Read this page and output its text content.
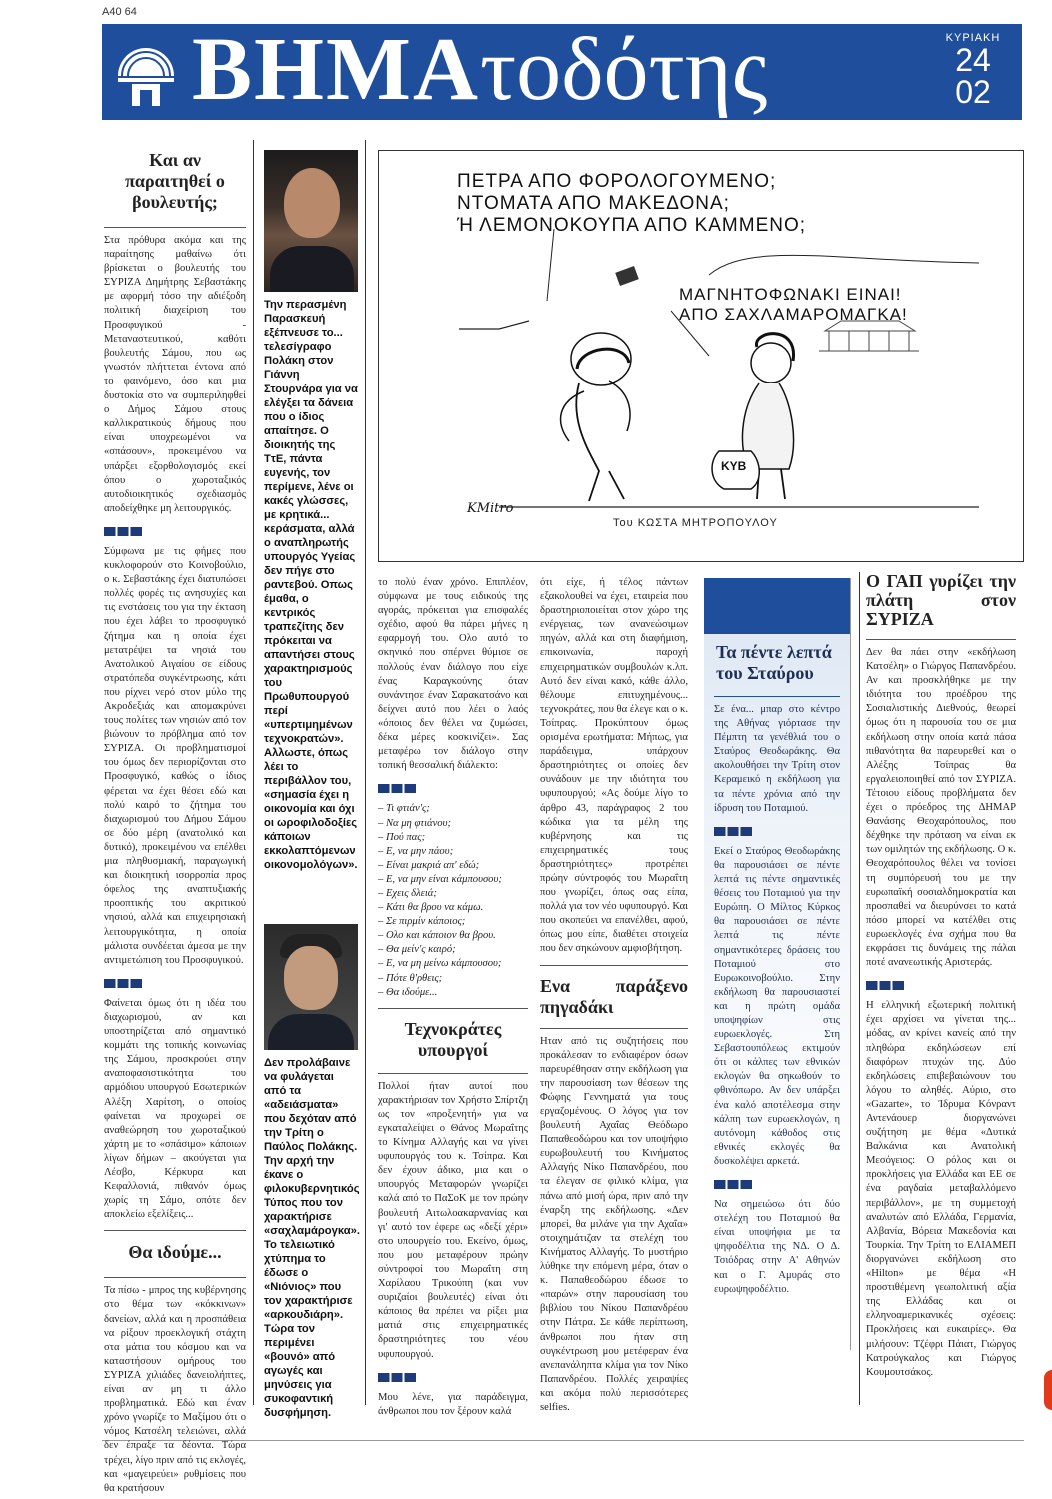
A40 64
ΒΗΜΑτοδότης	ΚΥΡΙΑΚΗ
24
02
Και αν παραιτηθεί ο βουλευτής;

Στα πρόθυρα ακόμα και της παραίτησης μαθαίνω ότι βρίσκεται ο βουλευτής του ΣΥΡΙΖΑ Δημήτρης Σεβαστάκης με αφορμή τόσο την αδιέξοδη πολιτική διαχείριση του Προσφυγικού - Μεταναστευτικού, καθότι βουλευτής Σάμου, που ως γνωστόν πλήττεται έντονα από το φαινόμενο, όσο και μια δυστοκία στο να συμπεριληφθεί ο Δήμος Σάμου στους καλλικρατικούς δήμους που είναι υποχρεωμένοι να «σπάσουν», προκειμένου να υπάρξει εξορθολογισμός εκεί όπου ο χωροταξικός αυτοδιοικητικός σχεδιασμός αποδείχθηκε μη λειτουργικός.

Σύμφωνα με τις φήμες που κυκλοφορούν στο Κοινοβούλιο, ο κ. Σεβαστάκης έχει διατυπώσει πολλές φορές τις ανησυχίες και τις ενστάσεις του για την έκταση που έχει λάβει το προσφυγικό ζήτημα και η οποία έχει μετατρέψει τα νησιά του Ανατολικού Αιγαίου σε είδους στρατόπεδα συγκέντρωσης, κάτι που ρίχνει νερό στον μύλο της Ακροδεξιάς και απομακρύνει τους πολίτες των νησιών από τον βιώνουν το πρόβλημα από τον ΣΥΡΙΖΑ. Οι προβληματισμοί του όμως δεν περιορίζονται στο Προσφυγικό, καθώς ο ίδιος φέρεται να έχει θέσει εδώ και πολύ καιρό το ζήτημα του διαχωρισμού του Δήμου Σάμου σε δύο μέρη (ανατολικό και δυτικό), προκειμένου να επέλθει μια πληθυσμιακή, παραγωγική και διοικητική ισορροπία προς όφελος της αναπτυξιακής προοπτικής του ακριτικού νησιού, αλλά και επιχειρησιακή λειτουργικότητα, η οποία μάλιστα συνδέεται άμεσα με την αντιμετώπιση του Προσφυγικού.

Φαίνεται όμως ότι η ιδέα του διαχωρισμού, αν και υποστηρίζεται από σημαντικό κομμάτι της τοπικής κοινωνίας της Σάμου, προσκρούει στην αναποφασιστικότητα του αρμόδιου υπουργού Εσωτερικών Αλέξη Χαρίτση, ο οποίος φαίνεται να προχωρεί σε αναθεώρηση του χωροταξικού χάρτη με το «σπάσιμο» κάποιων λίγων δήμων – ακούγεται για Λέσβο, Κέρκυρα και Κεφαλλονιά, πιθανόν όμως χωρίς τη Σάμο, οπότε δεν αποκλείω εξελίξεις...

Θα ιδούμε...

Τα πίσω - μπρος της κυβέρνησης στο θέμα των «κόκκινων» δανείων, αλλά και η προσπάθεια να ρίξουν προεκλογική στάχτη στα μάτια του κόσμου και να καταστήσουν ομήρους του ΣΥΡΙΖΑ χιλιάδες δανειολήπτες, είναι αν μη τι άλλο προβληματικά. Εδώ και έναν χρόνο γνωρίζε το Μαξίμου ότι ο νόμος Κατσέλη τελειώνει, αλλά δεν έπραξε τα δέοντα. Τώρα τρέχει, λίγο πριν από τις εκλογές, και «μαγειρεύει» ρυθμίσεις που θα κρατήσουν

Την περασμένη Παρασκευή εξέπνευσε το... τελεσίγραφο Πολάκη στον Γιάννη Στουρνάρα για να ελέγξει τα δάνεια που ο ίδιος απαίτησε. Ο διοικητής της ΤτΕ, πάντα ευγενής, τον περίμενε, λένε οι κακές γλώσσες, με κρητικά... κεράσματα, αλλά ο αναπληρωτής υπουργός Υγείας δεν πήγε στο ραντεβού. Οπως έμαθα, ο κεντρικός τραπεζίτης δεν πρόκειται να απαντήσει στους χαρακτηρισμούς του Πρωθυπουργού περί «υπερτιμημένων τεχνοκρατών». Αλλωστε, όπως λέει το περιβάλλον του, «σημασία έχει η οικονομία και όχι οι ωροφιλοδοξίες κάποιων εκκολαπτόμενων οικονομολόγων».
Δεν προλάβαινε να φυλάγεται από τα «αδειάσματα» που δεχόταν από την Τρίτη ο Παύλος Πολάκης. Την αρχή την έκανε ο φιλοκυβερνητικός Τύπος που τον χαρακτήρισε «σαχλαμάρογκα». Το τελειωτικό χτύπημα το έδωσε ο «Νιόνιος» που τον χαρακτήρισε «αρκουδιάρη». Τώρα τον περιμένει «βουνό» από αγωγές και μηνύσεις για συκοφαντική δυσφήμηση.
ΠΕΤΡΑ ΑΠΟ ΦΟΡΟΛΟΓΟΥΜΕΝΟ;
ΝΤΟΜΑΤΑ ΑΠΟ ΜΑΚΕΔΟΝΑ;
Ή ΛΕΜΟΝΟΚΟΥΠΑ ΑΠΟ ΚΑΜΜΕΝΟ;
ΜΑΓΝΗΤΟΦΩΝΑΚΙ ΕΙΝΑΙ!
ΑΠΟ ΣΑΧΛΑΜΑΡΟΜΑΓΚΑ!
ΚΥΒ
KMitro
Του ΚΩΣΤΑ ΜΗΤΡΟΠΟΥΛΟΥ

το πολύ έναν χρόνο. Επιπλέον, σύμφωνα με τους ειδικούς της αγοράς, πρόκειται για επισφαλές σχέδιο, αφού θα πάρει μήνες η εφαρμογή του. Ολο αυτό το σκηνικό που σπέρνει θύμισε σε πολλούς έναν διάλογο που είχε ένας Καραγκούνης όταν συνάντησε έναν Σαρακατσάνο και δείχνει αυτό που λέει ο λαός «όποιος δεν θέλει να ζυμώσει, δέκα μέρες κοσκινίζει». Σας μεταφέρω τον διάλογο στην τοπική θεσσαλική διάλεκτο:

– Τι φτιάν'ς;

– Να μη φτιάνου;

– Πού πας;

– Ε, να μην πάου;

– Είναι μακριά απ' εδώ;

– Ε, να μην είναι κάμπουσου;

– Εχεις δλειά;

– Κάτι θα βρου να κάμω.

– Σε πιρμίν κάποιος;

– Ολο και κάποιον θα βρου.

– Θα μείν'ς καιρό;

– Ε, να μη μείνω κάμπουσου;

– Πότε θ'ρθεις;

– Θα ιδούμε...

Τεχνοκράτες υπουργοί

Πολλοί ήταν αυτοί που χαρακτήρισαν τον Χρήστο Σπίρτζη ως τον «προξενητή» για να εγκαταλείψει ο Θάνος Μωραΐτης το Κίνημα Αλλαγής και να γίνει υφυπουργός του κ. Τσίπρα. Και δεν έχουν άδικο, μια και ο υπουργός Μεταφορών γνωρίζει καλά από το ΠαΣοΚ με τον πρώην βουλευτή Αιτωλοακαρνανίας και γι' αυτό τον έφερε ως «δεξί χέρι» στο υπουργείο του. Εκείνο, όμως, που μου μεταφέρουν πρώην σύντροφοί του Μωραΐτη στη Χαρίλαου Τρικούπη (και νυν συριζαίοι βουλευτές) είναι ότι κάποιος θα πρέπει να ρίξει μια ματιά στις επιχειρηματικές δραστηριότητες του νέου υφυπουργού.

Μου λένε, για παράδειγμα, άνθρωποι που τον ξέρουν καλά

ότι είχε, ή τέλος πάντων εξακολουθεί να έχει, εταιρεία που δραστηριοποιείται στον χώρο της ενέργειας, των ανανεώσιμων πηγών, αλλά και στη διαφήμιση, επικοινωνία, παροχή επιχειρηματικών συμβουλών κ.λπ. Αυτό δεν είναι κακό, κάθε άλλο, θέλουμε επιτυχημένους... τεχνοκράτες, που θα έλεγε και ο κ. Τσίπρας. Προκύπτουν όμως ορισμένα ερωτήματα: Μήπως, για παράδειγμα, υπάρχουν δραστηριότητες οι οποίες δεν συνάδουν με την ιδιότητα του υφυπουργού; «Ας δούμε λίγο το άρθρο 43, παράγραφος 2 του κώδικα για τα μέλη της κυβέρνησης και τις επιχειρηματικές τους δραστηριότητες» προτρέπει πρώην σύντροφός του Μωραΐτη που γνωρίζει, όπως σας είπα, πολλά για τον νέο υφυπουργό. Και που σκοπεύει να επανέλθει, αφού, όπως μου είπε, διαθέτει στοιχεία που δεν σηκώνουν αμφισβήτηση.

Ενα παράξενο πηγαδάκι

Ηταν από τις συζητήσεις που προκάλεσαν το ενδιαφέρον όσων παρευρέθησαν στην εκδήλωση για την παρουσίαση των θέσεων της Φώφης Γεννηματά για τους εργαζομένους. Ο λόγος για τον βουλευτή Αχαΐας Θεόδωρο Παπαθεοδώρου και τον υποψήφιο ευρωβουλευτή του Κινήματος Αλλαγής Νίκο Παπανδρέου, που τα έλεγαν σε φιλικό κλίμα, για πάνω από μισή ώρα, πριν από την έναρξη της εκδήλωσης. «Δεν μπορεί, θα μιλάνε για την Αχαΐα» στοιχημάτιζαν τα στελέχη του Κινήματος Αλλαγής. Το μυστήριο λύθηκε την επόμενη μέρα, όταν ο κ. Παπαθεοδώρου έδωσε το «παρών» στην παρουσίαση του βιβλίου του Νίκου Παπανδρέου στην Πάτρα. Σε κάθε περίπτωση, άνθρωποι που ήταν στη συγκέντρωση μου μετέφεραν ένα ανεπανάληπτα κλίμα για τον Νίκο Παπανδρέου. Πολλές χειραψίες και ακόμα πολύ περισσότερες selfies.

Τα πέντε λεπτά του Σταύρου

Σε ένα... μπαρ στο κέντρο της Αθήνας γιόρτασε την Πέμπτη τα γενέθλιά του ο Σταύρος Θεοδωράκης. Θα ακολουθήσει την Τρίτη στον Κεραμεικό η εκδήλωση για τα πέντε χρόνια από την ίδρυση του Ποταμιού.

Εκεί ο Σταύρος Θεοδωράκης θα παρουσιάσει σε πέντε λεπτά τις πέντε σημαντικές θέσεις του Ποταμιού για την Ευρώπη. Ο Μίλτος Κύρκος θα παρουσιάσει σε πέντε λεπτά τις πέντε σημαντικότερες δράσεις του Ποταμιού στο Ευρωκοινοβούλιο. Στην εκδήλωση θα παρουσιαστεί και η πρώτη ομάδα υποψηφίων στις ευρωεκλογές. Στη Σεβαστουπόλεως εκτιμούν ότι οι κάλπες των εθνικών εκλογών θα σηκωθούν το φθινόπωρο. Αν δεν υπάρξει ένα καλό αποτέλεσμα στην κάλπη των ευρωεκλογών, η αυτόνομη κάθοδος στις εθνικές εκλογές θα δυσκολέψει αρκετά.

Να σημειώσω ότι δύο στελέχη του Ποταμιού θα είναι υποψήφια με τα ψηφοδέλτια της ΝΔ. Ο Δ. Τσιόδρας στην Α' Αθηνών και ο Γ. Αμυράς στο ευρωψηφοδέλτιο.

Ο ΓΑΠ γυρίζει την πλάτη στον ΣΥΡΙΖΑ

Δεν θα πάει στην «εκδήλωση Κατσέλη» ο Γιώργος Παπανδρέου. Αν και προσκλήθηκε με την ιδιότητα του προέδρου της Σοσιαλιστικής Διεθνούς, θεωρεί όμως ότι η παρουσία του σε μια εκδήλωση στην οποία κατά πάσα πιθανότητα θα παρευρεθεί και ο Αλέξης Τσίπρας θα εργαλειοποιηθεί από τον ΣΥΡΙΖΑ. Τέτοιου είδους προβλήματα δεν έχει ο πρόεδρος της ΔΗΜΑΡ Θανάσης Θεοχαρόπουλος, που δέχθηκε την πρόταση να είναι εκ των ομιλητών της εκδήλωσης. Ο κ. Θεοχαρόπουλος θέλει να τονίσει τη συμπόρευσή του με την ευρωπαϊκή σοσιαλδημοκρατία και προσπαθεί να διευρύνσει το κατά πόσο μπορεί να κατέλθει στις ευρωεκλογές ένα σχήμα που θα εκφράσει τις δυνάμεις της πάλαι ποτέ ανανεωτικής Αριστεράς.

Η ελληνική εξωτερική πολιτική έχει αρχίσει να γίνεται της... μόδας, αν κρίνει κανείς από την πληθώρα εκδηλώσεων επί διαφόρων πτυχών της. Δύο εκδηλώσεις επιβεβαιώνουν του λόγου το αληθές. Αύριο, στο «Gazarte», το Ίδρυμα Κόνραντ Αντενάουερ διοργανώνει συζήτηση με θέμα «Δυτικά Βαλκάνια και Ανατολική Μεσόγειος: Ο ρόλος και οι προκλήσεις για Ελλάδα και ΕΕ σε ένα ραγδαία μεταβαλλόμενο περιβάλλον», με τη συμμετοχή αναλυτών από Ελλάδα, Γερμανία, Αλβανία, Βόρεια Μακεδονία και Τουρκία. Την Τρίτη το ΕΛΙΑΜΕΠ διοργανώνει εκδήλωση στο «Hilton» με θέμα «Η προστιθέμενη γεωπολιτική αξία της Ελλάδας και οι ελληνοαμερικανικές σχέσεις: Προκλήσεις και ευκαιρίες». Θα μιλήσουν: Τζέφρι Πάιατ, Γιώργος Κατρούγκαλος και Γιώργος Κουμουτσάκος.
